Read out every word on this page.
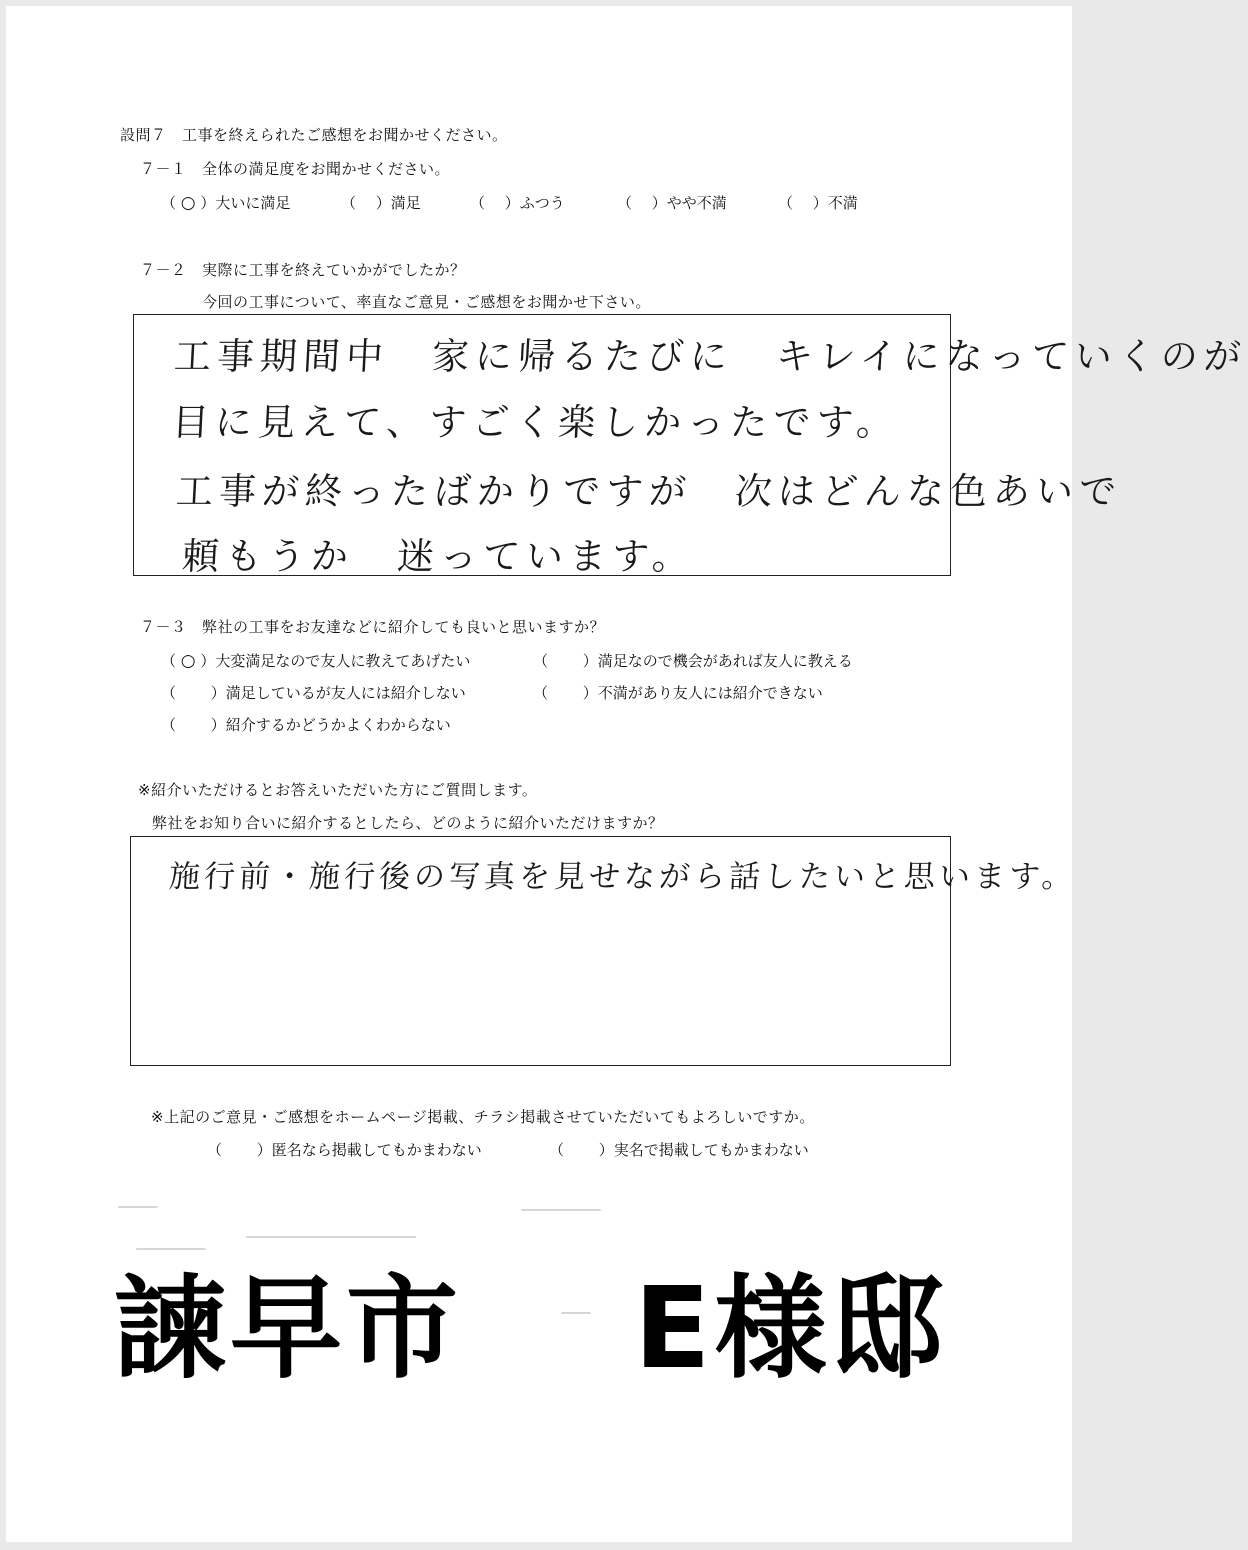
設問７　工事を終えられたご感想をお聞かせください。
７－１　全体の満足度をお聞かせください。
（ ○ ）大いに満足	（　 ）満足	（　 ）ふつう	（　 ）やや不満	（　 ）不満
７－２　実際に工事を終えていかがでしたか？
今回の工事について、率直なご意見・ご感想をお聞かせ下さい。
工事期間中　家に帰るたびに　キレイになっていくのが
目に見えて、すごく楽しかったです。
工事が終ったばかりですが　次はどんな色あいで
頼もうか　迷っています。
７－３　弊社の工事をお友達などに紹介しても良いと思いますか？
（ ○ ）大変満足なので友人に教えてあげたい	（　　 ）満足なので機会があれば友人に教える
（　　 ）満足しているが友人には紹介しない	（　　 ）不満があり友人には紹介できない
（　　 ）紹介するかどうかよくわからない
※紹介いただけるとお答えいただいた方にご質問します。
弊社をお知り合いに紹介するとしたら、どのように紹介いただけますか？
施行前・施行後の写真を見せながら話したいと思います。
※上記のご意見・ご感想をホームページ掲載、チラシ掲載させていただいてもよろしいですか。
（　　 ）匿名なら掲載してもかまわない	（　　 ）実名で掲載してもかまわない
諫早市 E様邸
